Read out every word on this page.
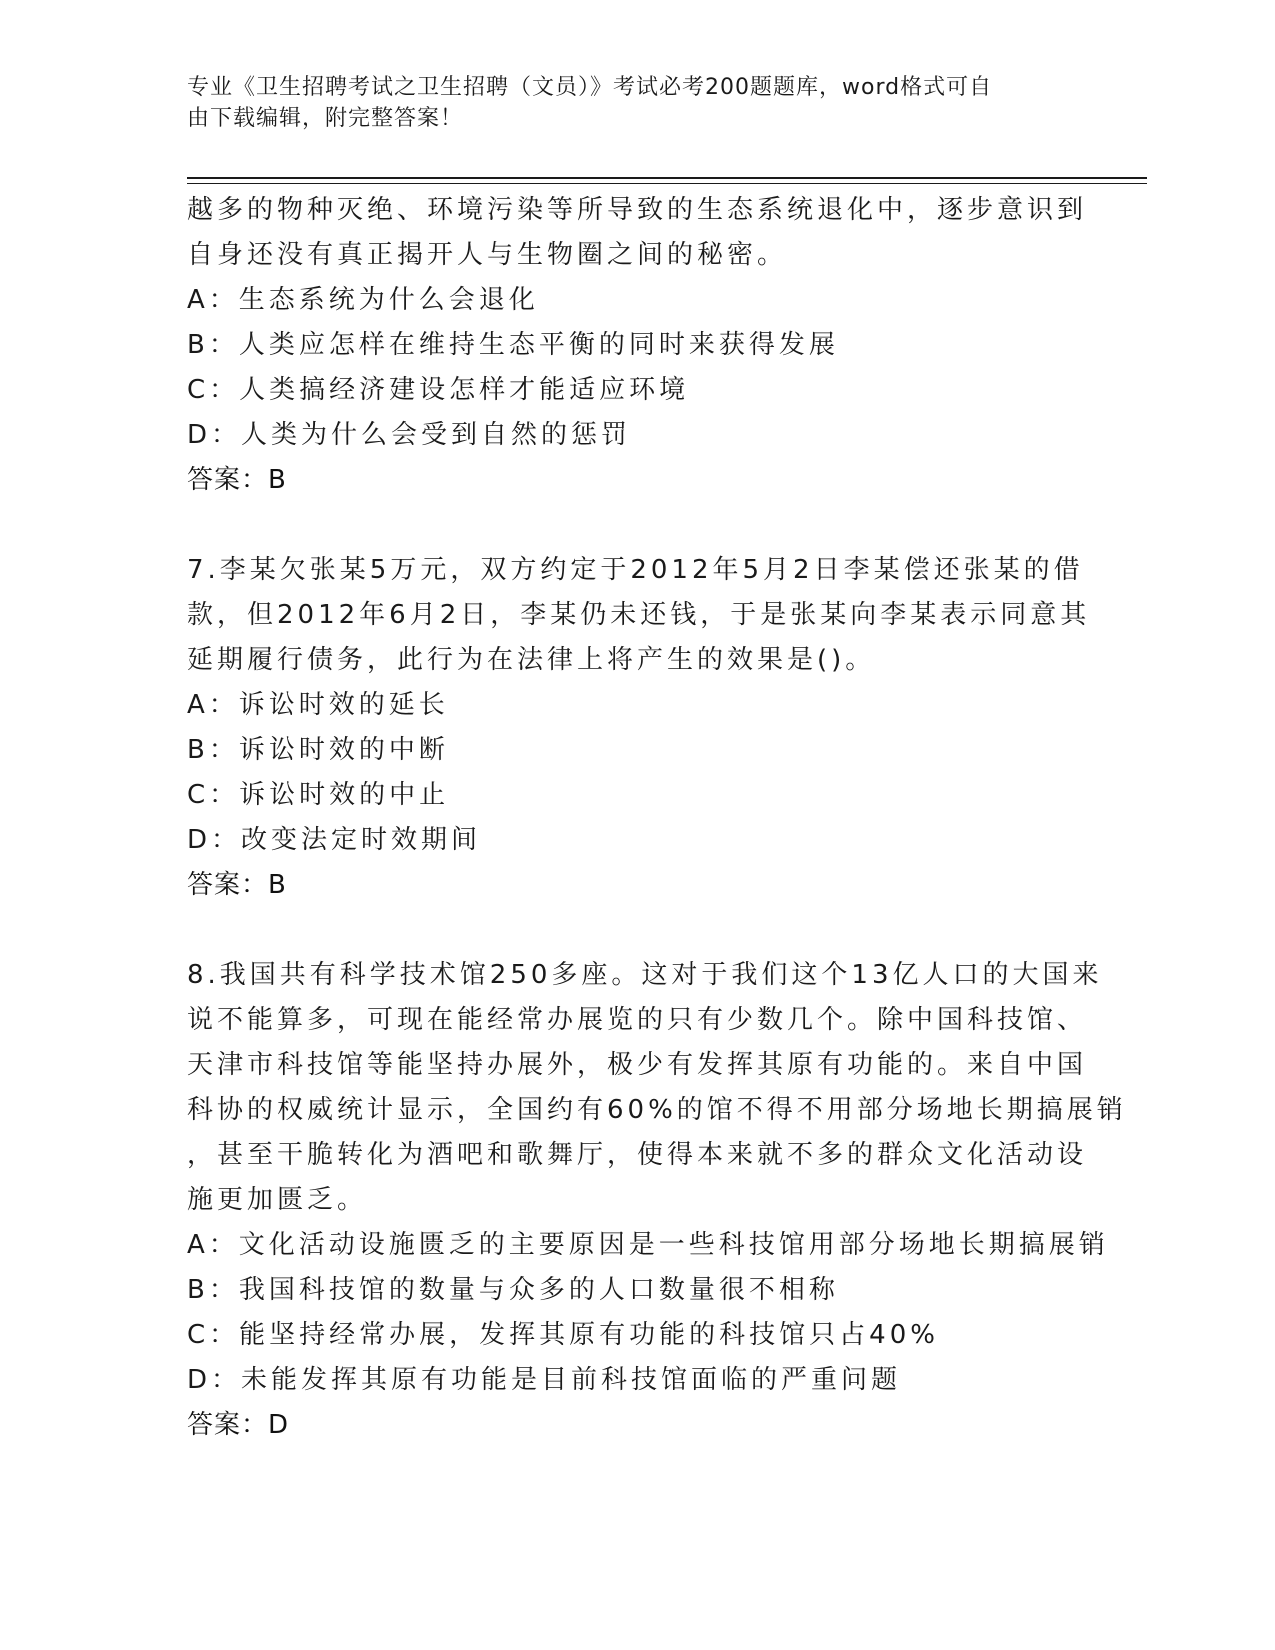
专业《卫生招聘考试之卫生招聘（文员）》考试必考200题题库，word格式可自
由下载编辑，附完整答案！
越多的物种灭绝、环境污染等所导致的生态系统退化中，逐步意识到
自身还没有真正揭开人与生物圈之间的秘密。
A：生态系统为什么会退化
B：人类应怎样在维持生态平衡的同时来获得发展
C：人类搞经济建设怎样才能适应环境
D：人类为什么会受到自然的惩罚
答案：B
7.李某欠张某5万元，双方约定于2012年5月2日李某偿还张某的借
款，但2012年6月2日，李某仍未还钱，于是张某向李某表示同意其
延期履行债务，此行为在法律上将产生的效果是()。
A：诉讼时效的延长
B：诉讼时效的中断
C：诉讼时效的中止
D：改变法定时效期间
答案：B
8.我国共有科学技术馆250多座。这对于我们这个13亿人口的大国来
说不能算多，可现在能经常办展览的只有少数几个。除中国科技馆、
天津市科技馆等能坚持办展外，极少有发挥其原有功能的。来自中国
科协的权威统计显示，全国约有60%的馆不得不用部分场地长期搞展销
，甚至干脆转化为酒吧和歌舞厅，使得本来就不多的群众文化活动设
施更加匮乏。
A：文化活动设施匮乏的主要原因是一些科技馆用部分场地长期搞展销
B：我国科技馆的数量与众多的人口数量很不相称
C：能坚持经常办展，发挥其原有功能的科技馆只占40%
D：未能发挥其原有功能是目前科技馆面临的严重问题
答案：D
